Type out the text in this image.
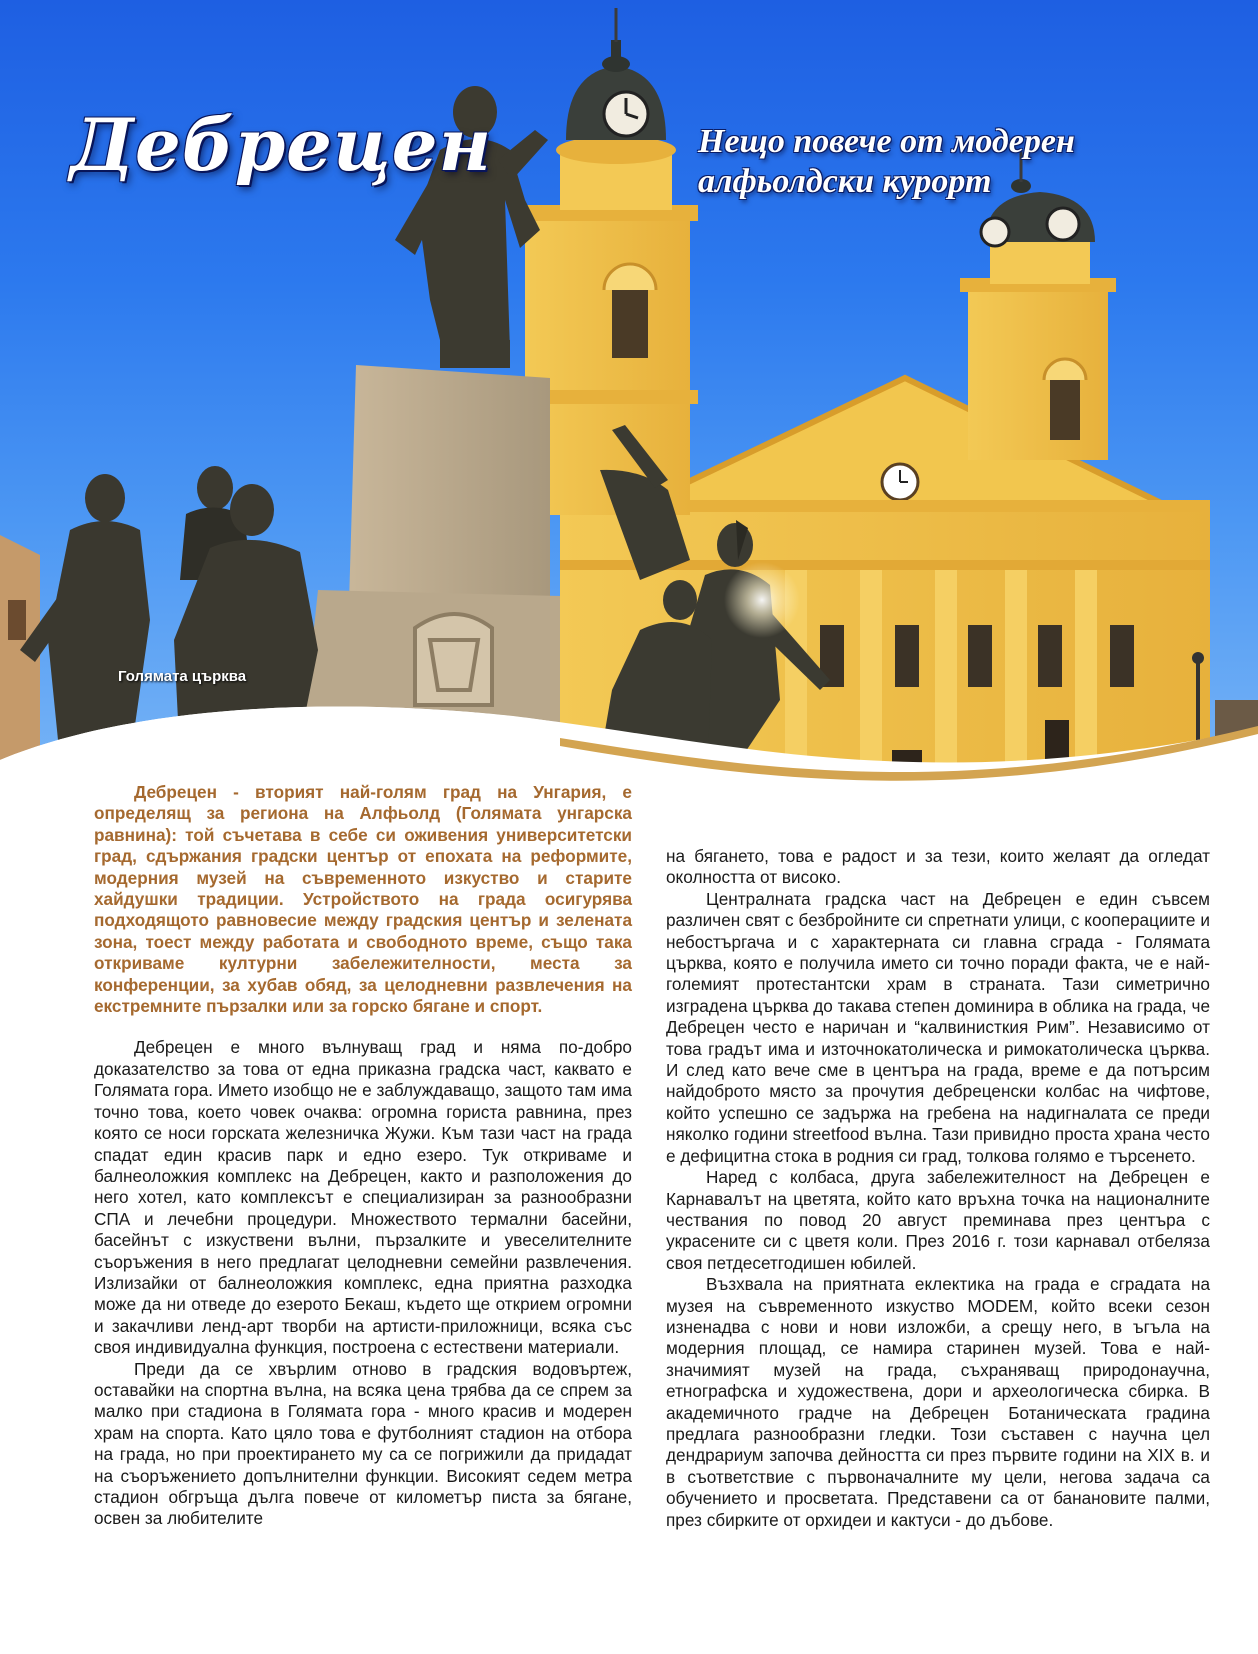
Дебрецен	Нещо повече от модерен
алфьолдски курорт
Голямата църква

Дебрецен - вторият най-голям град на Унгария, е определящ за региона на Алфьолд (Голямата унгарска равнина): той съчетава в себе си оживения университетски град, сдържания градски център от епохата на реформите, модерния музей на съвременното изкуство и старите хайдушки традиции. Устройството на града осигурява подходящото равновесие между градския център и зелената зона, тоест между работата и свободното време, също така откриваме културни забележителности, места за конференции, за хубав обяд, за целодневни развлечения на екстремните пързалки или за горско бягане и спорт.

Дебрецен е много вълнуващ град и няма по-добро доказателство за това от една приказна градска част, каквато е Голямата гора. Името изобщо не е заблуждаващо, защото там има точно това, което човек очаква: огромна гориста равнина, през която се носи горската железничка Жужи. Към тази част на града спадат един красив парк и едно езеро. Тук откриваме и балнеоложкия комплекс на Дебрецен, както и разположения до него хотел, като комплексът е специализиран за разнообразни СПА и лечебни процедури. Множеството термални басейни, басейнът с изкуствени вълни, пързалките и увеселителните съоръжения в него предлагат целодневни семейни развлечения. Излизайки от балнеоложкия комплекс, една приятна разходка може да ни отведе до езерото Бекаш, където ще открием огромни и закачливи ленд-арт творби на артисти-приложници, всяка със своя индивидуална функция, построена с естествени материали.

Преди да се хвърлим отново в градския водовъртеж, оставайки на спортна вълна, на всяка цена трябва да се спрем за малко при стадиона в Голямата гора - много красив и модерен храм на спорта. Като цяло това е футболният стадион на отбора на града, но при проектирането му са се погрижили да придадат на съоръжението допълнителни функции. Високият седем метра стадион обгръща дълга повече от километър писта за бягане, освен за любителите

на бягането, това е радост и за тези, които желаят да огледат околността от високо.

Централната градска част на Дебрецен е един съвсем различен свят с безбройните си спретнати улици, с кооперациите и небостъргача и с характерната си главна сграда - Голямата църква, която е получила името си точно поради факта, че е най-големият протестантски храм в страната. Тази симетрично изградена църква до такава степен доминира в облика на града, че Дебрецен често е наричан и “калвинисткия Рим”. Независимо от това градът има и източнокатолическа и римокатолическа църква. И след като вече сме в центъра на града, време е да потърсим найдоброто място за прочутия дебреценски колбас на чифтове, който успешно се задържа на гребена на надигналата се преди няколко години streetfood вълна. Тази привидно проста храна често е дефицитна стока в родния си град, толкова голямо е търсенето.

Наред с колбаса, друга забележителност на Дебрецен е Карнавалът на цветята, който като връхна точка на националните чествания по повод 20 август преминава през центъра с украсените си с цветя коли. През 2016 г. този карнавал отбеляза своя петдесетгодишен юбилей.

Възхвала на приятната еклектика на града е сградата на музея на съвременното изкуство MODEM, който всеки сезон изненадва с нови и нови изложби, а срещу него, в ъгъла на модерния площад, се намира старинен музей. Това е най-значимият музей на града, съхраняващ природонаучна, етнографска и художествена, дори и археологическа сбирка. В академичното градче на Дебрецен Ботаническата градина предлага разнообразни гледки. Този съставен с научна цел дендрариум започва дейността си през първите години на XIX в. и в съответствие с първоначалните му цели, негова задача са обучението и просветата. Представени са от банановите палми, през сбирките от орхидеи и кактуси - до дъбове.
